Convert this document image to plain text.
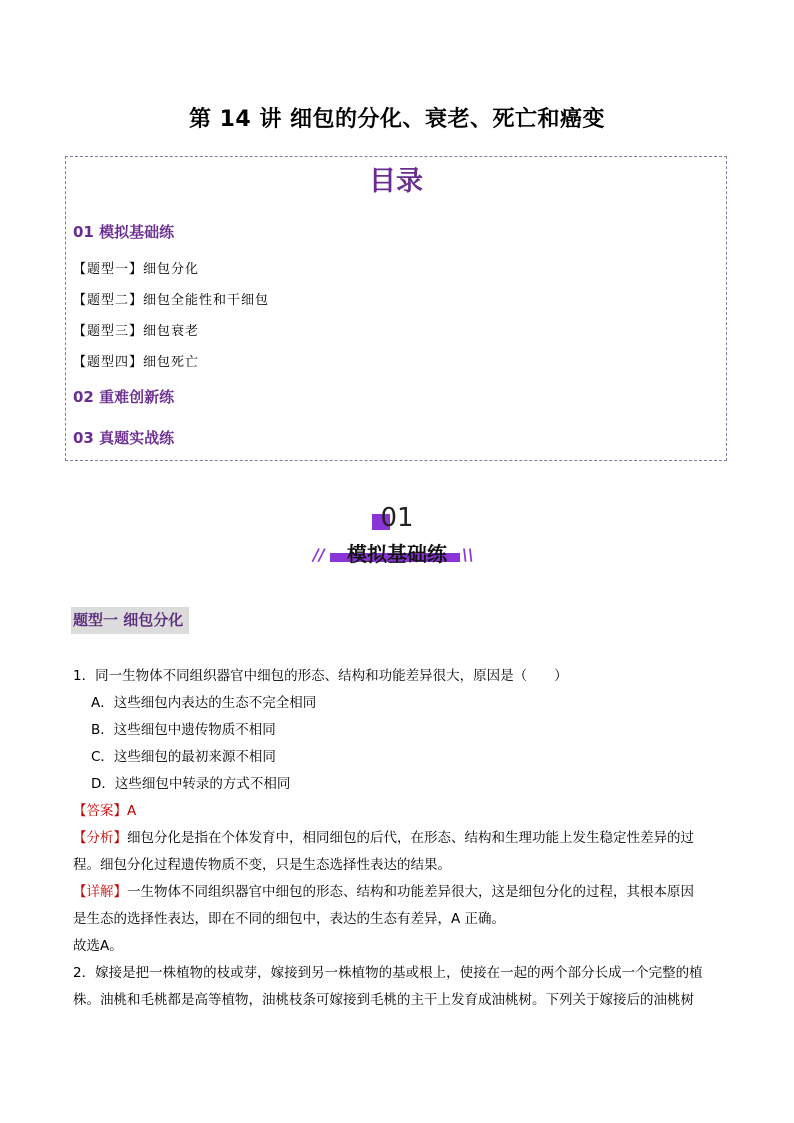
第 14 讲 细包的分化、衰老、死亡和癌变
目录
01 模拟基础练
【题型一】细包分化
【题型二】细包全能性和干细包
【题型三】细包衰老
【题型四】细包死亡
02 重难创新练
03 真题实战练
01
//	模拟基础练 \\
题型一 细包分化
1．同一生物体不同组织器官中细包的形态、结构和功能差异很大，原因是（　　）
A．这些细包内表达的生态不完全相同
B．这些细包中遗传物质不相同
C．这些细包的最初来源不相同
D．这些细包中转录的方式不相同
【答案】A
【分析】细包分化是指在个体发育中，相同细包的后代，在形态、结构和生理功能上发生稳定性差异的过
程。细包分化过程遗传物质不变，只是生态选择性表达的结果。
【详解】一生物体不同组织器官中细包的形态、结构和功能差异很大，这是细包分化的过程，其根本原因
是生态的选择性表达，即在不同的细包中，表达的生态有差异，A 正确。
故选A。
2．嫁接是把一株植物的枝或芽，嫁接到另一株植物的基或根上，使接在一起的两个部分长成一个完整的植
株。油桃和毛桃都是高等植物，油桃枝条可嫁接到毛桃的主干上发育成油桃树。下列关于嫁接后的油桃树
